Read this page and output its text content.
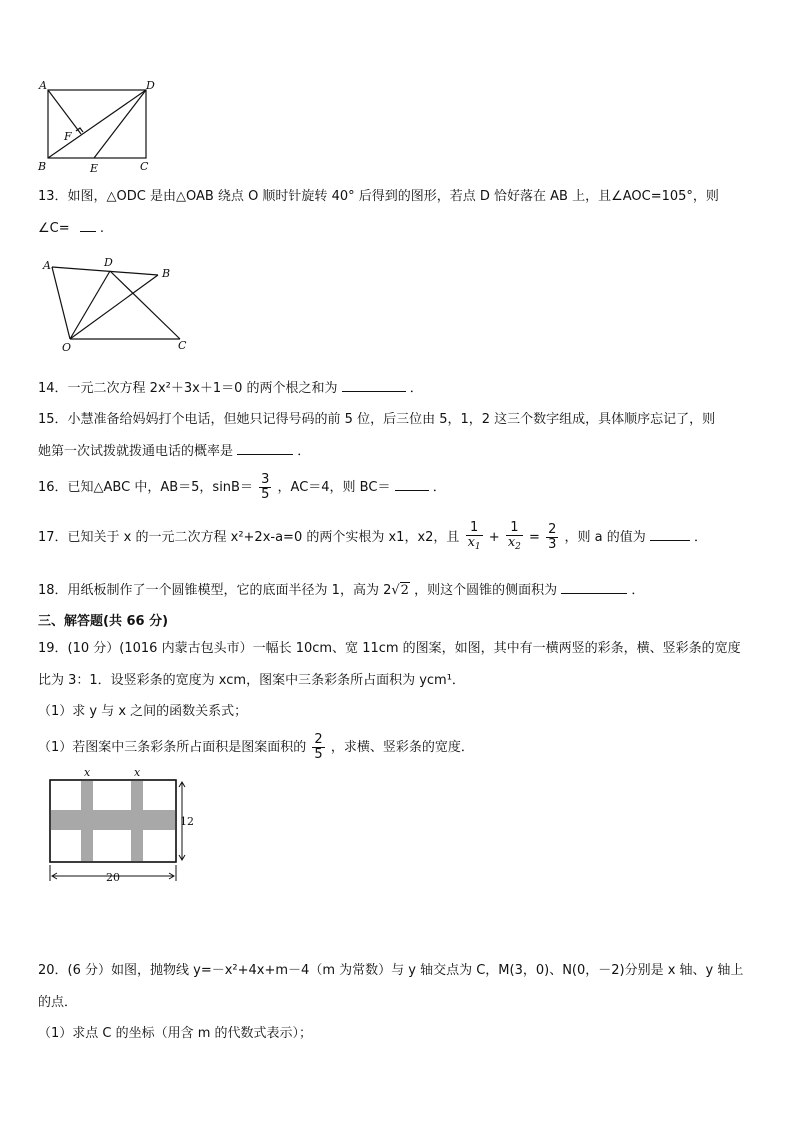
A	D
F
B	E	C
13．如图，△ODC 是由△OAB 绕点 O 顺时针旋转 40° 后得到的图形，若点 D 恰好落在 AB 上，且∠AOC=105°，则
∠C= .
A	D
B
O	C
14．一元二次方程 2x²＋3x＋1＝0 的两个根之和为	．
15．小慧准备给妈妈打个电话，但她只记得号码的前 5 位，后三位由 5，1，2 这三个数字组成，具体顺序忘记了，则
她第一次试拨就拨通电话的概率是	．
16．已知△ABC 中，AB＝5，$\sin B= \frac{3}{5}$ ，AC＝4，则 BC＝	．
17．已知关于 x 的一元二次方程 x²+2x-a=0 的两个实根为 x1，x2，且 $\frac{1}{x_1} + \frac{1}{x_2} = \frac{2}{3}$ ，则 a 的值为	．
18．用纸板制作了一个圆锥模型，它的底面半径为 1，高为 2√2 ，则这个圆锥的侧面积为	．
三、解答题(共 66 分)
19．(10 分）(1016 内蒙古包头市）一幅长 10cm、宽 11cm 的图案，如图，其中有一横两竖的彩条，横、竖彩条的宽度
比为 3：1．设竖彩条的宽度为 xcm，图案中三条彩条所占面积为 ycm¹．
（1）求 y 与 x 之间的函数关系式；
（1）若图案中三条彩条所占面积是图案面积的 $\frac{2}{5}$ ，求横、竖彩条的宽度．
x	x
12
20
20．(6 分）如图，抛物线 y=－x²+4x+m－4（m 为常数）与 y 轴交点为 C，M(3，0)、N(0，－2)分别是 x 轴、y 轴上
的点．
（1）求点 C 的坐标（用含 m 的代数式表示）；
